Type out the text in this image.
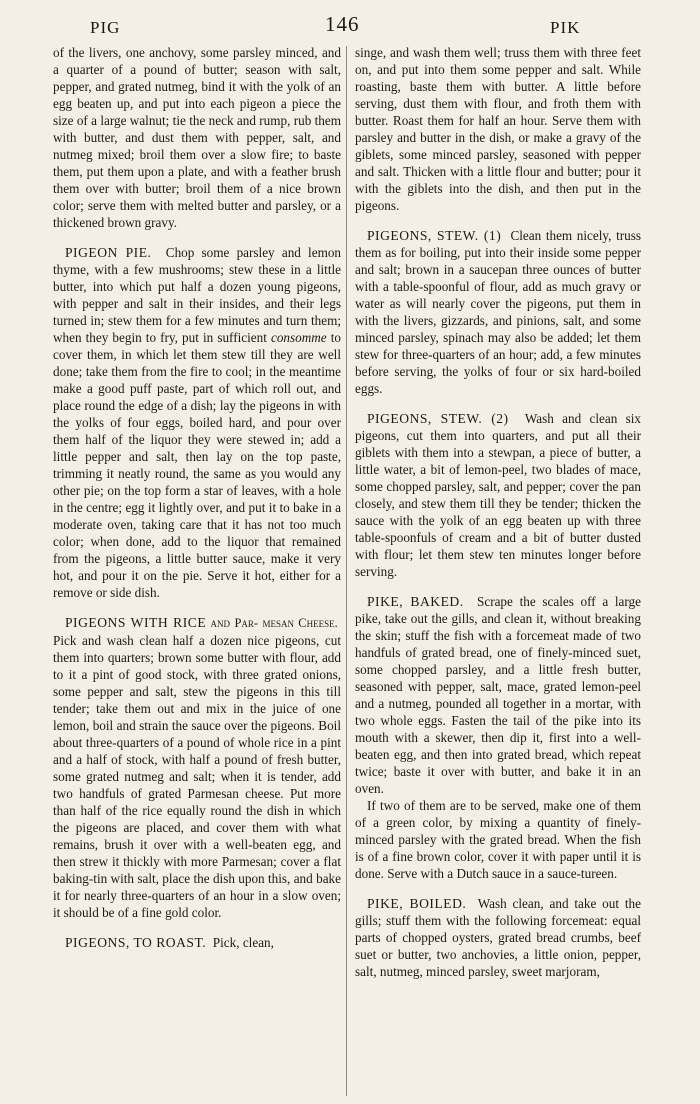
PIG	146	PIK

of the livers, one anchovy, some parsley minced, and a quarter of a pound of butter; season with salt, pepper, and grated nutmeg, bind it with the yolk of an egg beaten up, and put into each pigeon a piece the size of a large walnut; tie the neck and rump, rub them with butter, and dust them with pepper, salt, and nutmeg mixed; broil them over a slow fire; to baste them, put them upon a plate, and with a feather brush them over with butter; broil them of a nice brown color; serve them with melted butter and parsley, or a thickened brown gravy.

PIGEON PIE. Chop some parsley and lemon thyme, with a few mushrooms; stew these in a little butter, into which put half a dozen young pigeons, with pepper and salt in their insides, and their legs turned in; stew them for a few minutes and turn them; when they begin to fry, put in sufficient consomme to cover them, in which let them stew till they are well done; take them from the fire to cool; in the meantime make a good puff paste, part of which roll out, and place round the edge of a dish; lay the pigeons in with the yolks of four eggs, boiled hard, and pour over them half of the liquor they were stewed in; add a little pepper and salt, then lay on the top paste, trimming it neatly round, the same as you would any other pie; on the top form a star of leaves, with a hole in the centre; egg it lightly over, and put it to bake in a moderate oven, taking care that it has not too much color; when done, add to the liquor that remained from the pigeons, a little butter sauce, make it very hot, and pour it on the pie. Serve it hot, either for a remove or side dish.

PIGEONS WITH RICE and Par- mesan Cheese.  Pick and wash clean half a dozen nice pigeons, cut them into quarters; brown some butter with flour, add to it a pint of good stock, with three grated onions, some pepper and salt, stew the pigeons in this till tender; take them out and mix in the juice of one lemon, boil and strain the sauce over the pigeons. Boil about three-quarters of a pound of whole rice in a pint and a half of stock, with half a pound of fresh butter, some grated nutmeg and salt; when it is tender, add two handfuls of grated Parmesan cheese. Put more than half of the rice equally round the dish in which the pigeons are placed, and cover them with what remains, brush it over with a well-beaten egg, and then strew it thickly with more Parmesan; cover a flat baking-tin with salt, place the dish upon this, and bake it for nearly three-quarters of an hour in a slow oven; it should be of a fine gold color.

PIGEONS, TO ROAST. Pick, clean,

singe, and wash them well; truss them with three feet on, and put into them some pepper and salt. While roasting, baste them with butter. A little before serving, dust them with flour, and froth them with butter. Roast them for half an hour. Serve them with parsley and butter in the dish, or make a gravy of the giblets, some minced parsley, seasoned with pepper and salt. Thicken with a little flour and butter; pour it with the giblets into the dish, and then put in the pigeons.

PIGEONS, STEW. (1) Clean them nicely, truss them as for boiling, put into their inside some pepper and salt; brown in a saucepan three ounces of butter with a table-spoonful of flour, add as much gravy or water as will nearly cover the pigeons, put them in with the livers, gizzards, and pinions, salt, and some minced parsley, spinach may also be added; let them stew for three-quarters of an hour; add, a few minutes before serving, the yolks of four or six hard-boiled eggs.

PIGEONS, STEW. (2) Wash and clean six pigeons, cut them into quarters, and put all their giblets with them into a stewpan, a piece of butter, a little water, a bit of lemon-peel, two blades of mace, some chopped parsley, salt, and pepper; cover the pan closely, and stew them till they be tender; thicken the sauce with the yolk of an egg beaten up with three table-spoonfuls of cream and a bit of butter dusted with flour; let them stew ten minutes longer before serving.

PIKE, BAKED. Scrape the scales off a large pike, take out the gills, and clean it, without breaking the skin; stuff the fish with a forcemeat made of two handfuls of grated bread, one of finely-minced suet, some chopped parsley, and a little fresh butter, seasoned with pepper, salt, mace, grated lemon-peel and a nutmeg, pounded all together in a mortar, with two whole eggs. Fasten the tail of the pike into its mouth with a skewer, then dip it, first into a well-beaten egg, and then into grated bread, which repeat twice; baste it over with butter, and bake it in an oven.

If two of them are to be served, make one of them of a green color, by mixing a quantity of finely-minced parsley with the grated bread. When the fish is of a fine brown color, cover it with paper until it is done. Serve with a Dutch sauce in a sauce-tureen.

PIKE, BOILED. Wash clean, and take out the gills; stuff them with the following forcemeat: equal parts of chopped oysters, grated bread crumbs, beef suet or butter, two anchovies, a little onion, pepper, salt, nutmeg, minced parsley, sweet marjoram,
